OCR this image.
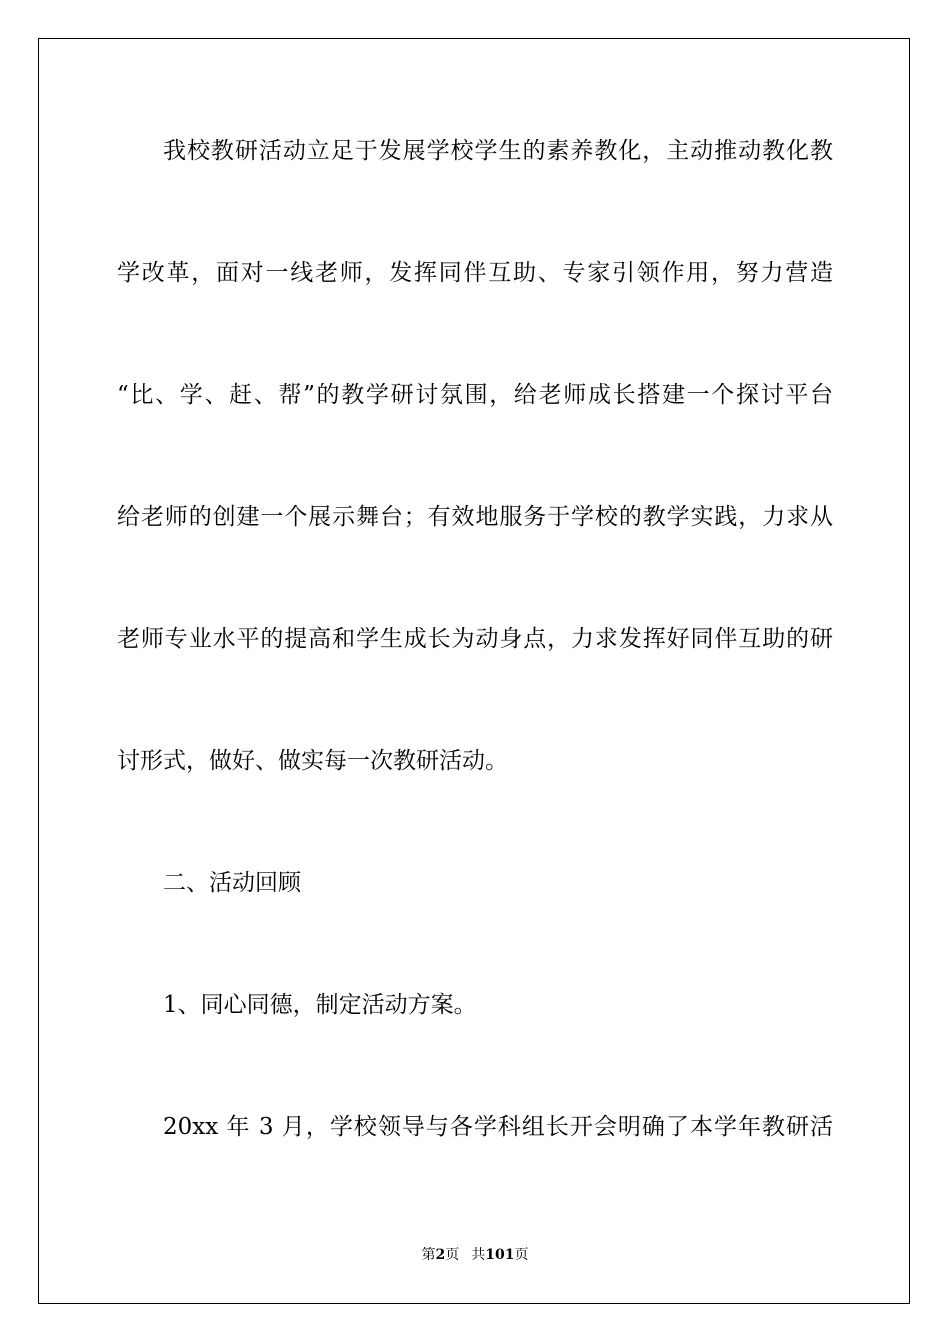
我校教研活动立足于发展学校学生的素养教化，主动推动教化教
学改革，面对一线老师，发挥同伴互助、专家引领作用，努力营造
“比、学、赶、帮”的教学研讨氛围，给老师成长搭建一个探讨平台
给老师的创建一个展示舞台；有效地服务于学校的教学实践，力求从
老师专业水平的提高和学生成长为动身点，力求发挥好同伴互助的研
讨形式，做好、做实每一次教研活动。
二、活动回顾
1、同心同德，制定活动方案。
20xx 年 3 月，学校领导与各学科组长开会明确了本学年教研活
第2页 共101页
